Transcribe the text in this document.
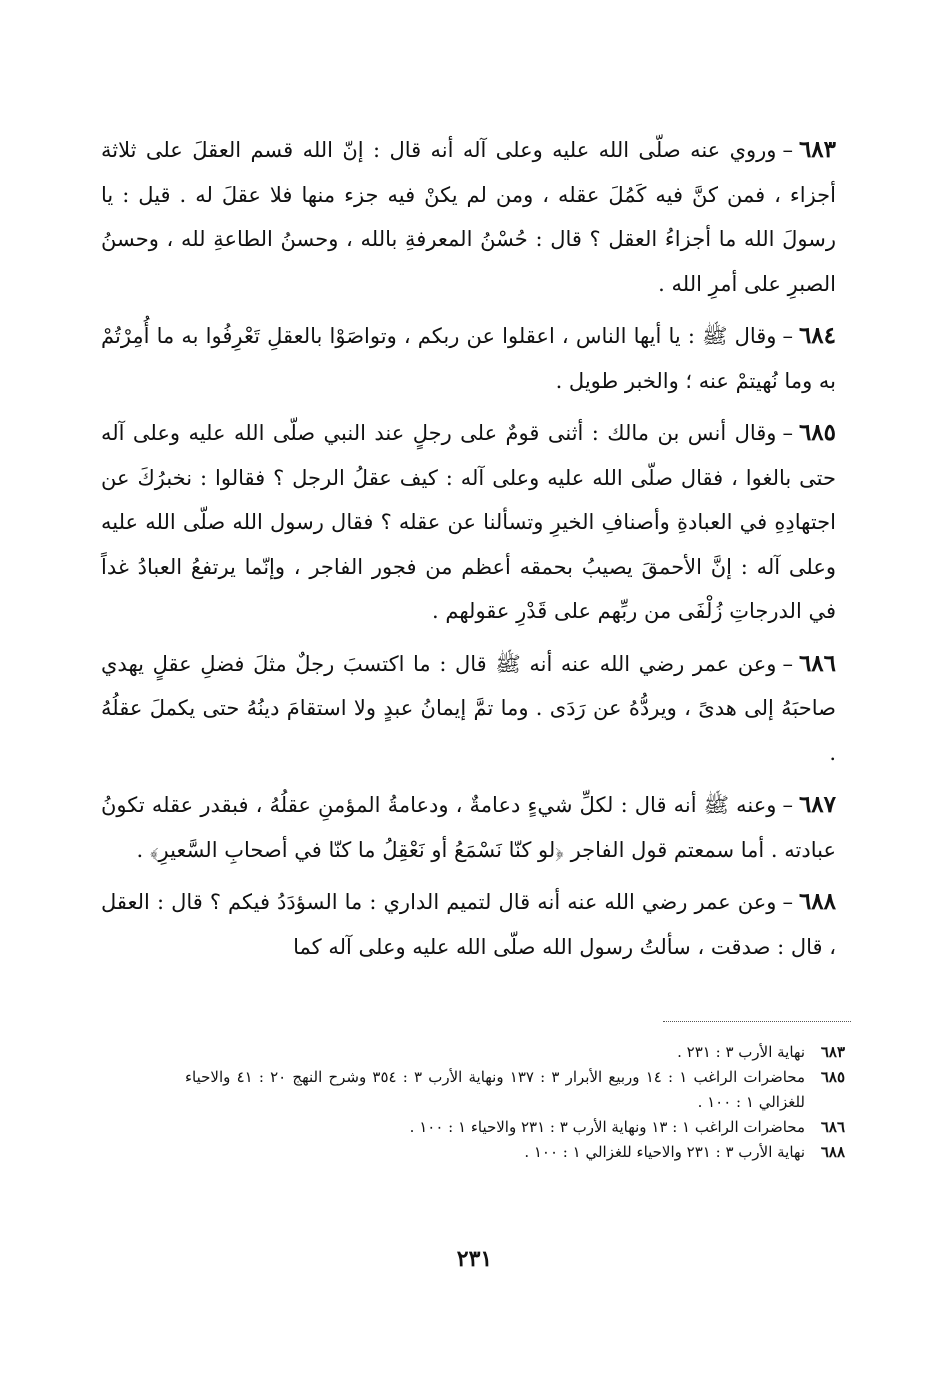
٦٨٣–وروي عنه صلّى الله عليه وعلى آله أنه قال : إنّ الله قسم العقلَ على ثلاثة أجزاء ، فمن كنَّ فيه كَمُلَ عقله ، ومن لم يكنْ فيه جزء منها فلا عقلَ له . قيل : يا رسولَ الله ما أجزاءُ العقل ؟ قال : حُسْنُ المعرفةِ بالله ، وحسنُ الطاعةِ لله ، وحسنُ الصبرِ على أمرِ الله .

٦٨٤–وقال ﷺ : يا أيها الناس ، اعقلوا عن ربكم ، وتواصَوْا بالعقلِ تَعْرِفُوا به ما أُمِرْتُمْ به وما نُهيتمْ عنه ؛ والخبر طويل .

٦٨٥–وقال أنس بن مالك : أثنى قومٌ على رجلٍ عند النبي صلّى الله عليه وعلى آله حتى بالغوا ، فقال صلّى الله عليه وعلى آله : كيف عقلُ الرجل ؟ فقالوا : نخبرُكَ عن اجتهادِهِ في العبادةِ وأصنافِ الخيرِ وتسألنا عن عقله ؟ فقال رسول الله صلّى الله عليه وعلى آله : إنَّ الأحمقَ يصيبُ بحمقه أعظم من فجور الفاجر ، وإنّما يرتفعُ العبادُ غداً في الدرجاتِ زُلْفَى من ربِّهم على قَدْرِ عقولهم .

٦٨٦–وعن عمر رضي الله عنه أنه ﷺ قال : ما اكتسبَ رجلٌ مثلَ فضلِ عقلٍ يهدي صاحبَهُ إلى هدىً ، ويردُّهُ عن رَدَى . وما تمَّ إيمانُ عبدٍ ولا استقامَ دينُهُ حتى يكملَ عقلُهُ .

٦٨٧–وعنه ﷺ أنه قال : لكلِّ شيءٍ دعامةٌ ، ودعامةُ المؤمنِ عقلُهُ ، فبقدر عقله تكونُ عبادته . أما سمعتم قول الفاجر ﴿لو كنّا نَسْمَعُ أو نَعْقِلُ ما كنّا في أصحابِ السَّعيرِ﴾ .

٦٨٨–وعن عمر رضي الله عنه أنه قال لتميم الداري : ما السؤدَدُ فيكم ؟ قال : العقل ، قال : صدقت ، سألتُ رسول الله صلّى الله عليه وعلى آله كما

٦٨٣
نهاية الأرب ٣ : ٢٣١ .
٦٨٥
محاضرات الراغب ١ : ١٤ وربيع الأبرار ٣ : ١٣٧ ونهاية الأرب ٣ : ٣٥٤ وشرح النهج ٢٠ : ٤١ والاحياء للغزالي ١ : ١٠٠ .
٦٨٦
محاضرات الراغب ١ : ١٣ ونهاية الأرب ٣ : ٢٣١ والاحياء ١ : ١٠٠ .
٦٨٨
نهاية الأرب ٣ : ٢٣١ والاحياء للغزالي ١ : ١٠٠ .
٢٣١
